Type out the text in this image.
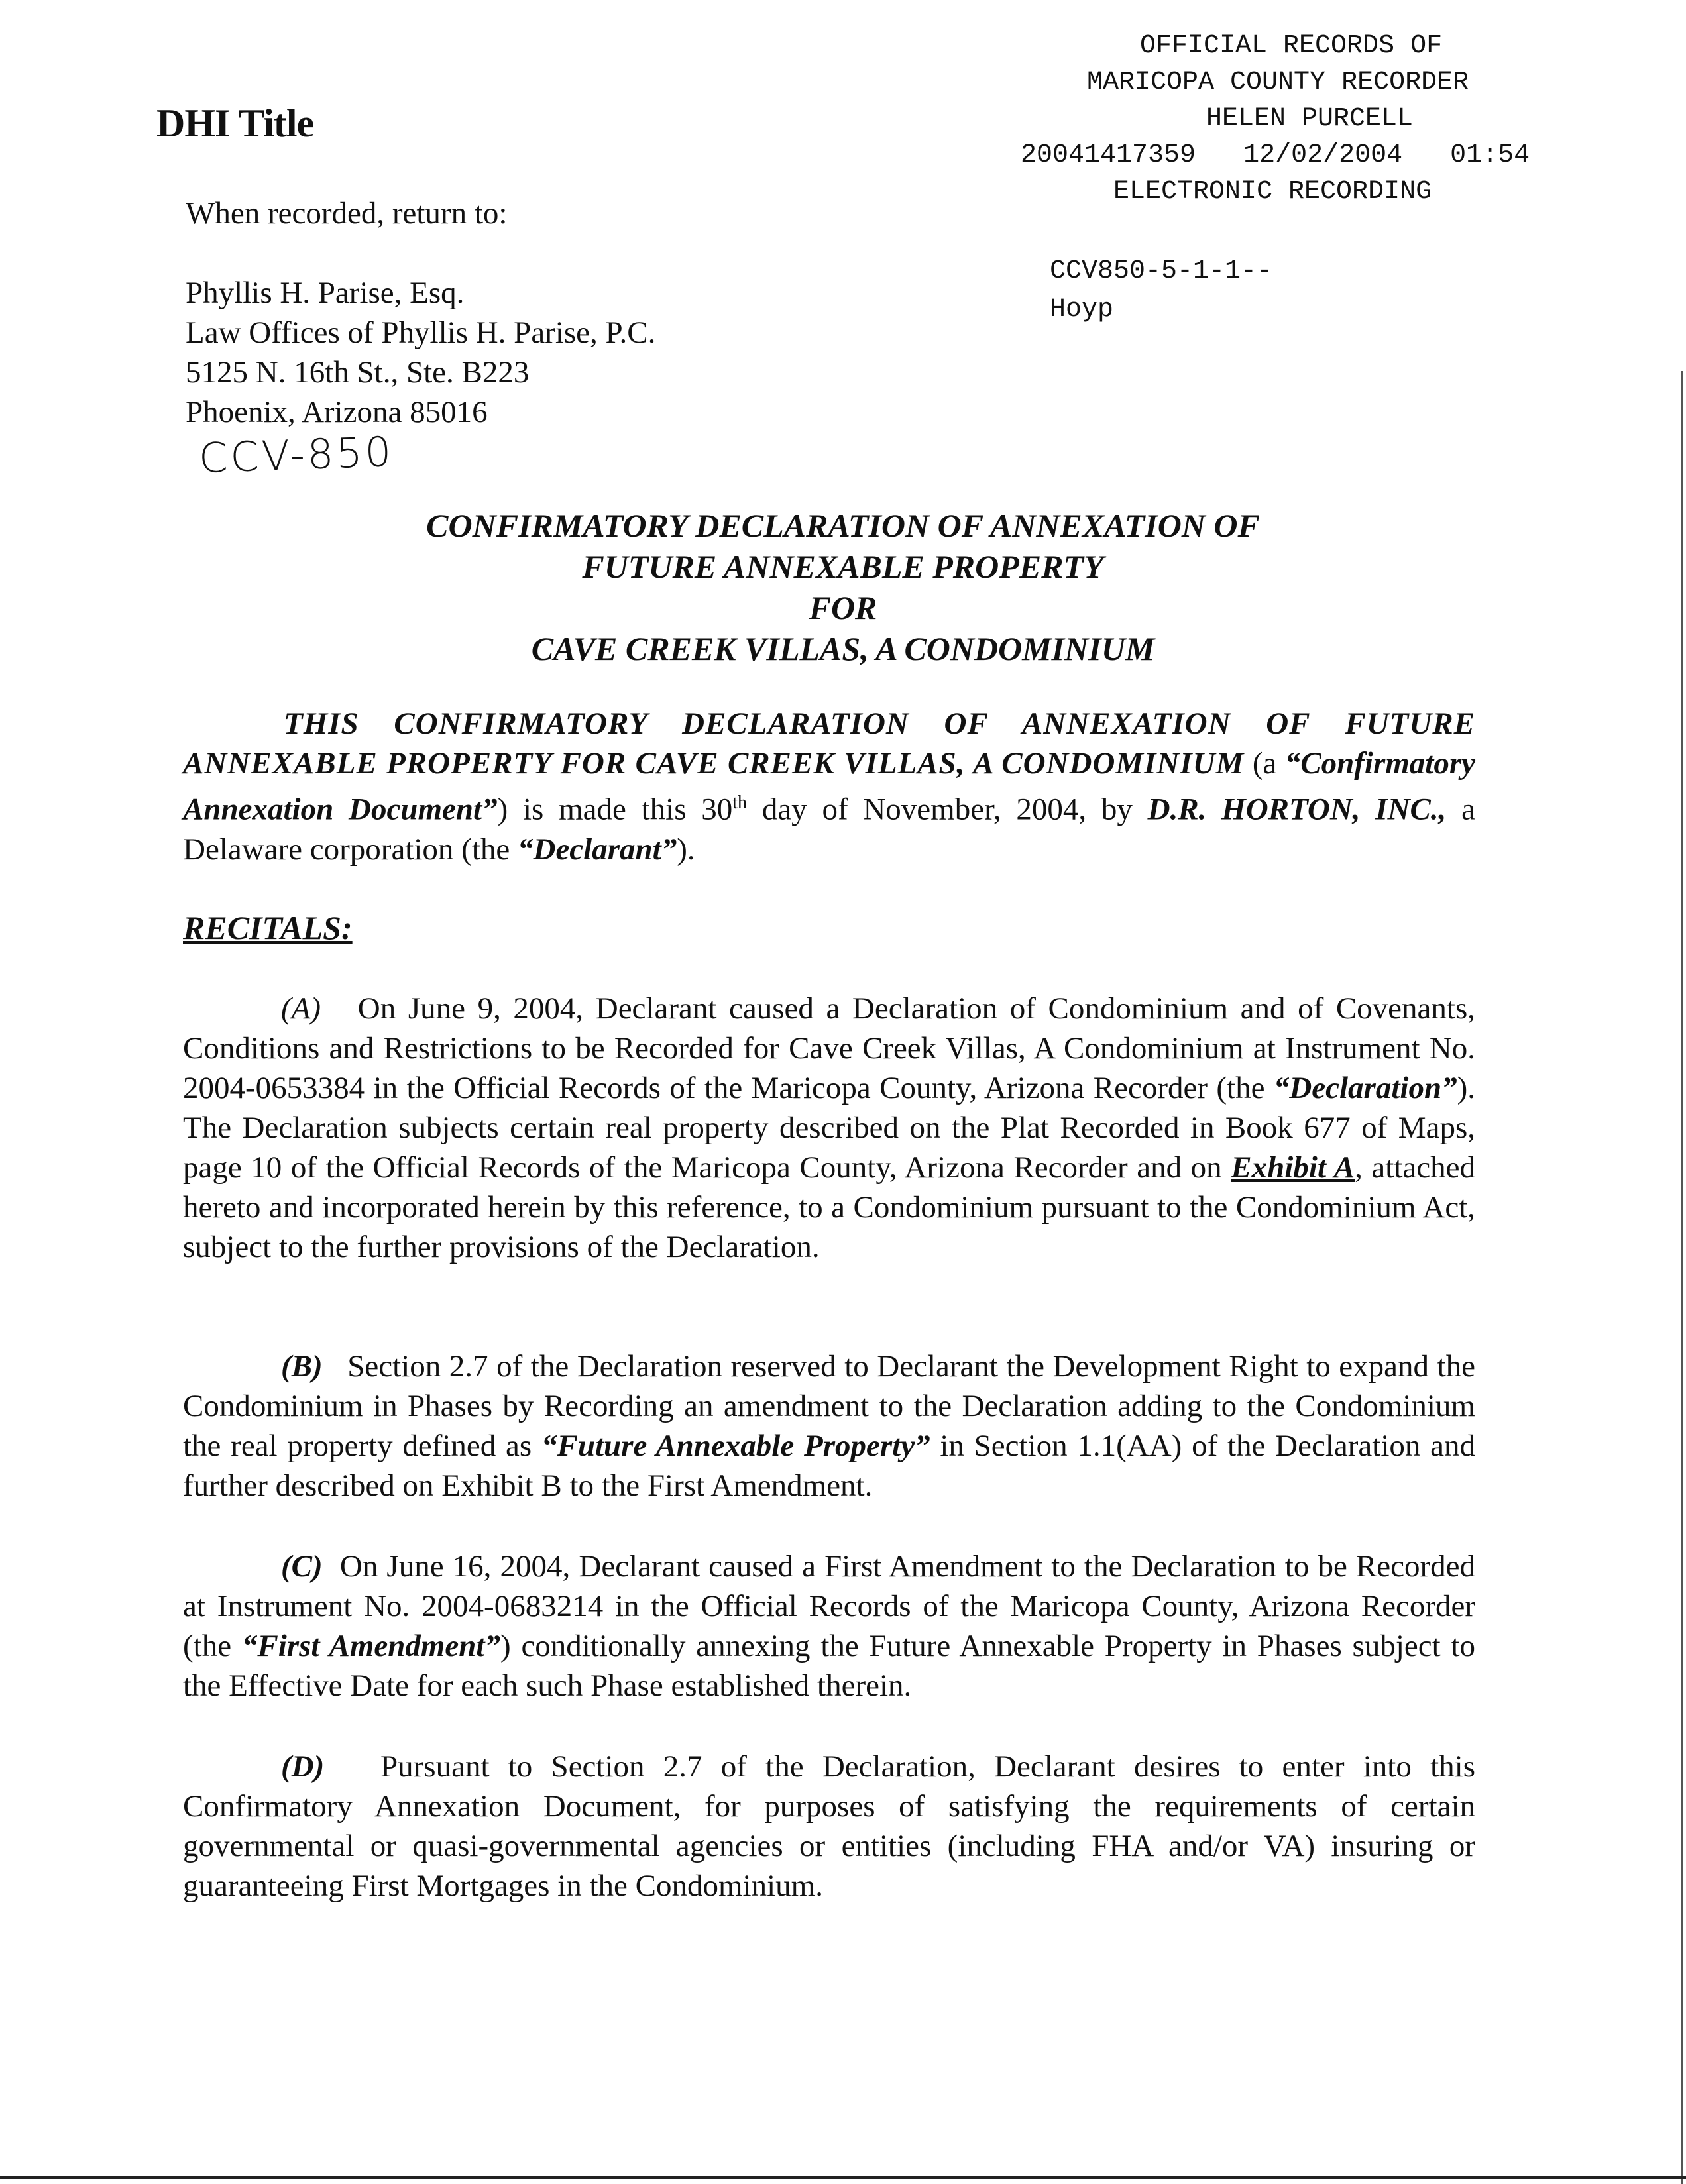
DHI Title
When recorded, return to:
Phyllis H. Parise, Esq.
Law Offices of Phyllis H. Parise, P.C.
5125 N. 16th St., Ste. B223
Phoenix, Arizona 85016
CCV-850
OFFICIAL RECORDS OF
MARICOPA COUNTY RECORDER
HELEN PURCELL
20041417359 12/02/2004 01:54
ELECTRONIC RECORDING
CCV850-5-1-1--
Hoyp
CONFIRMATORY DECLARATION OF ANNEXATION OF
FUTURE ANNEXABLE PROPERTY
FOR
CAVE CREEK VILLAS, A CONDOMINIUM
THIS CONFIRMATORY DECLARATION OF ANNEXATION OF FUTURE ANNEXABLE PROPERTY FOR CAVE CREEK VILLAS, A CONDOMINIUM (a “Confirmatory Annexation Document”) is made this 30th day of November, 2004, by D.R. HORTON, INC., a Delaware corporation (the “Declarant”).
RECITALS:
(A) On June 9, 2004, Declarant caused a Declaration of Condominium and of Covenants, Conditions and Restrictions to be Recorded for Cave Creek Villas, A Condominium at Instrument No. 2004-0653384 in the Official Records of the Maricopa County, Arizona Recorder (the “Declaration”). The Declaration subjects certain real property described on the Plat Recorded in Book 677 of Maps, page 10 of the Official Records of the Maricopa County, Arizona Recorder and on Exhibit A, attached hereto and incorporated herein by this reference, to a Condominium pursuant to the Condominium Act, subject to the further provisions of the Declaration.
(B) Section 2.7 of the Declaration reserved to Declarant the Development Right to expand the Condominium in Phases by Recording an amendment to the Declaration adding to the Condominium the real property defined as “Future Annexable Property” in Section 1.1(AA) of the Declaration and further described on Exhibit B to the First Amendment.
(C) On June 16, 2004, Declarant caused a First Amendment to the Declaration to be Recorded at Instrument No. 2004-0683214 in the Official Records of the Maricopa County, Arizona Recorder (the “First Amendment”) conditionally annexing the Future Annexable Property in Phases subject to the Effective Date for each such Phase established therein.
(D) Pursuant to Section 2.7 of the Declaration, Declarant desires to enter into this Confirmatory Annexation Document, for purposes of satisfying the requirements of certain governmental or quasi-governmental agencies or entities (including FHA and/or VA) insuring or guaranteeing First Mortgages in the Condominium.
